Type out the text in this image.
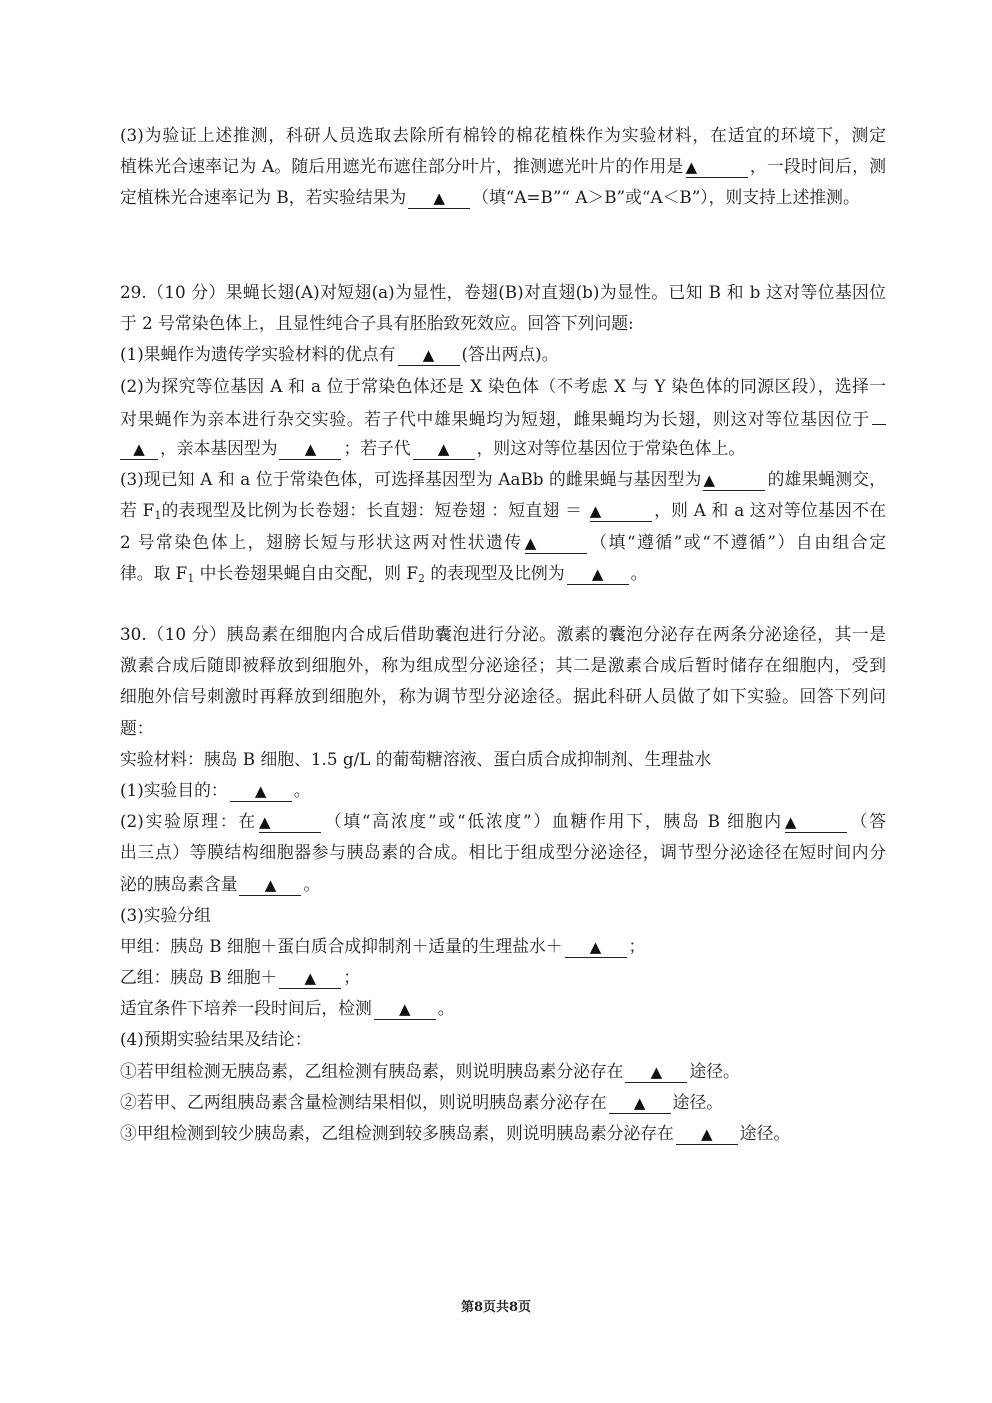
(3)为验证上述推测，科研人员选取去除所有棉铃的棉花植株作为实验材料，在适宜的环境下，测定
植株光合速率记为 A。随后用遮光布遮住部分叶片，推测遮光叶片的作用是 ▲	，一段时间后，测
定植株光合速率记为 B，若实验结果为 ▲ （填“A=B”“ A＞B”或“A＜B”），则支持上述推测。
29.（10 分）果蝇长翅(A)对短翅(a)为显性，卷翅(B)对直翅(b)为显性。已知 B 和 b 这对等位基因位
于 2 号常染色体上，且显性纯合子具有胚胎致死效应。回答下列问题:
(1)果蝇作为遗传学实验材料的优点有 ▲ (答出两点)。
(2)为探究等位基因 A 和 a 位于常染色体还是 X 染色体（不考虑 X 与 Y 染色体的同源区段），选择一
对果蝇作为亲本进行杂交实验。若子代中雄果蝇均为短翅，雌果蝇均为长翅，则这对等位基因位于
▲ ，亲本基因型为 ▲ ；若子代 ▲ ，则这对等位基因位于常染色体上。
(3)现已知 A 和 a 位于常染色体，可选择基因型为 AaBb 的雌果蝇与基因型为 ▲	的雄果蝇测交，
若 $F_1$的表现型及比例为长卷翅：长直翅：短卷翅 ：短直翅 ＝ ▲	，则 A 和 a 这对等位基因不在
2 号常染色体上，翅膀长短与形状这两对性状遗传 ▲	（填“遵循”或“不遵循”）自由组合定
律。取 $F_1$ 中长卷翅果蝇自由交配，则 $F_2$ 的表现型及比例为 ▲ 。
30.（10 分）胰岛素在细胞内合成后借助囊泡进行分泌。激素的囊泡分泌存在两条分泌途径，其一是
激素合成后随即被释放到细胞外，称为组成型分泌途径；其二是激素合成后暂时储存在细胞内，受到
细胞外信号刺激时再释放到细胞外，称为调节型分泌途径。据此科研人员做了如下实验。回答下列问
题：
实验材料：胰岛 B 细胞、1.5 g/L 的葡萄糖溶液、蛋白质合成抑制剂、生理盐水
(1)实验目的： ▲ 。
(2)实验原理：在 ▲	（填“高浓度”或“低浓度”）血糖作用下，胰岛 B 细胞内 ▲	（答
出三点）等膜结构细胞器参与胰岛素的合成。相比于组成型分泌途径，调节型分泌途径在短时间内分
泌的胰岛素含量 ▲ 。
(3)实验分组
甲组：胰岛 B 细胞＋蛋白质合成抑制剂＋适量的生理盐水＋ ▲ ；
乙组：胰岛 B 细胞＋ ▲ ；
适宜条件下培养一段时间后，检测 ▲ 。
(4)预期实验结果及结论：
①若甲组检测无胰岛素，乙组检测有胰岛素，则说明胰岛素分泌存在 ▲ 途径。
②若甲、乙两组胰岛素含量检测结果相似，则说明胰岛素分泌存在 ▲ 途径。
③甲组检测到较少胰岛素，乙组检测到较多胰岛素，则说明胰岛素分泌存在 ▲ 途径。
第8页共8页
